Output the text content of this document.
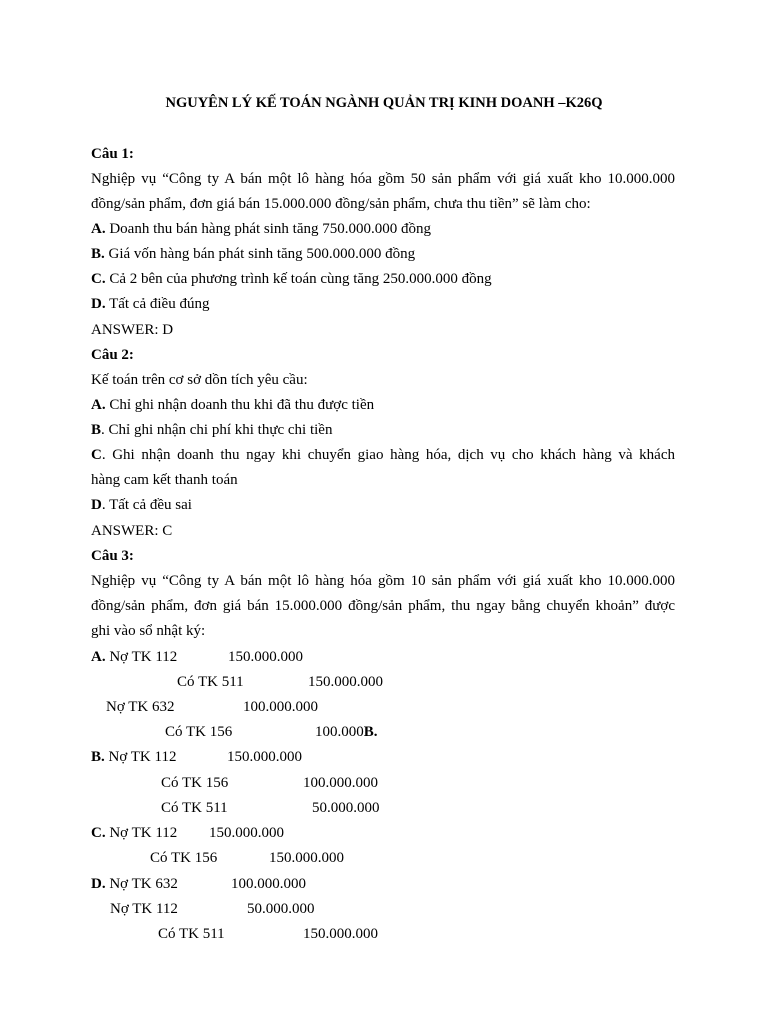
NGUYÊN LÝ KẾ TOÁN NGÀNH QUẢN TRỊ KINH DOANH –K26Q
Câu 1:
Nghiệp vụ “Công ty A bán một lô hàng hóa gồm 50 sản phẩm với giá xuất kho 10.000.000
đồng/sản phẩm, đơn giá bán 15.000.000 đồng/sản phẩm, chưa thu tiền” sẽ làm cho:
A. Doanh thu bán hàng phát sinh tăng 750.000.000 đồng
B. Giá vốn hàng bán phát sinh tăng 500.000.000 đồng
C. Cả 2 bên của phương trình kế toán cùng tăng 250.000.000 đồng
D. Tất cả điều đúng
ANSWER: D
Câu 2:
Kế toán trên cơ sở dồn tích yêu cầu:
A. Chỉ ghi nhận doanh thu khi đã thu được tiền
B. Chỉ ghi nhận chi phí khi thực chi tiền
C. Ghi nhận doanh thu ngay khi chuyển giao hàng hóa, dịch vụ cho khách hàng và khách
hàng cam kết thanh toán
D. Tất cả đều sai
ANSWER: C
Câu 3:
Nghiệp vụ “Công ty A bán một lô hàng hóa gồm 10 sản phẩm với giá xuất kho 10.000.000
đồng/sản phẩm, đơn giá bán 15.000.000 đồng/sản phẩm, thu ngay bằng chuyển khoản” được
ghi vào sổ nhật ký:
A. Nợ TK 112	150.000.000
Có TK 511	150.000.000
Nợ TK 632	100.000.000
Có TK 156	100.000B.
B. Nợ TK 112	150.000.000
Có TK 156	100.000.000
Có TK 511	50.000.000
C. Nợ TK 112 150.000.000
Có TK 156	150.000.000
D. Nợ TK 632	100.000.000
Nợ TK 112	50.000.000
Có TK 511	150.000.000
